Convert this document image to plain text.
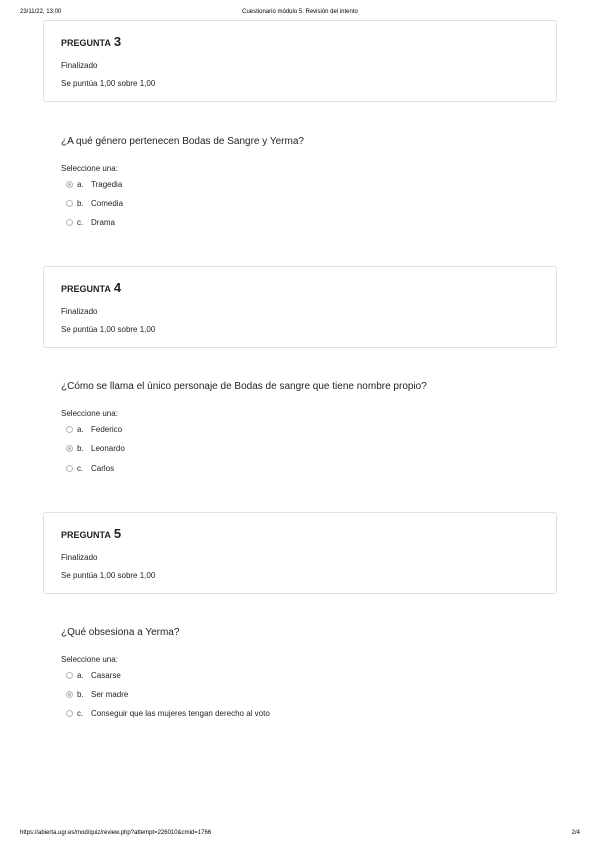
23/11/22, 13:00	Cuestionario módulo 5: Revisión del intento
PREGUNTA 3
Finalizado
Se puntúa 1,00 sobre 1,00
¿A qué género pertenecen Bodas de Sangre y Yerma?
Seleccione una:
a. Tragedia
b. Comedia
c. Drama
PREGUNTA 4
Finalizado
Se puntúa 1,00 sobre 1,00
¿Cómo se llama el único personaje de Bodas de sangre que tiene nombre propio?
Seleccione una:
a. Federico
b. Leonardo
c. Carlos
PREGUNTA 5
Finalizado
Se puntúa 1,00 sobre 1,00
¿Qué obsesiona a Yerma?
Seleccione una:
a. Casarse
b. Ser madre
c. Conseguir que las mujeres tengan derecho al voto
https://abierta.ugr.es/mod/quiz/review.php?attempt=226010&cmid=1766	2/4
